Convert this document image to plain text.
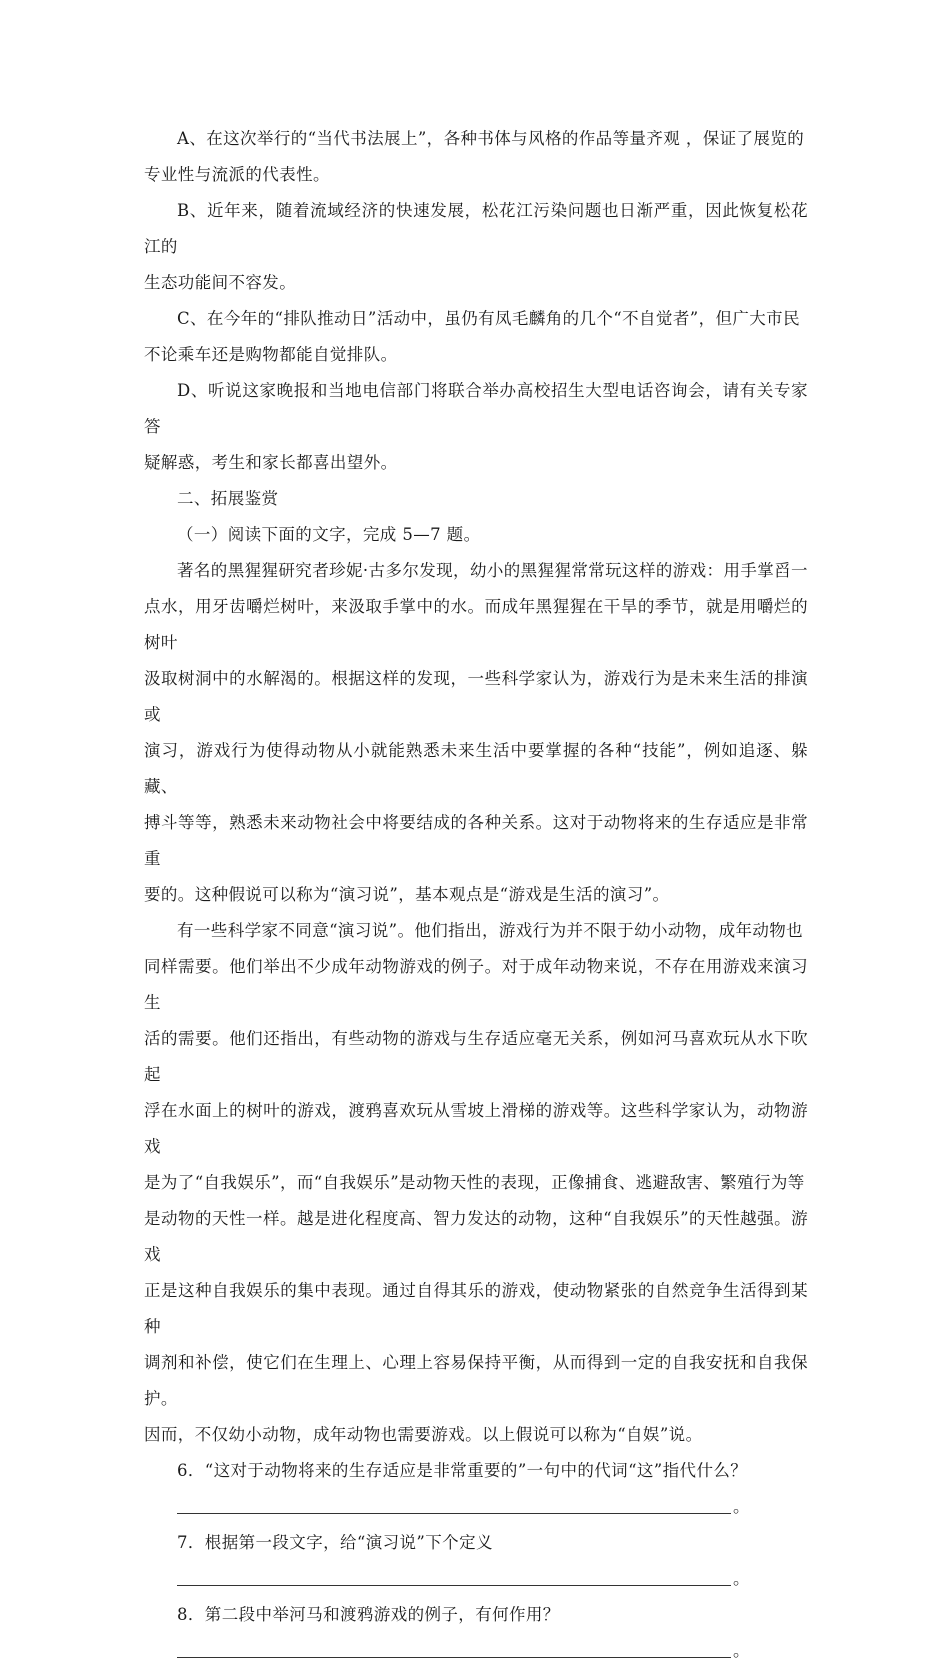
A、在这次举行的“当代书法展上”，各种书体与风格的作品等量齐观 ，保证了展览的

专业性与流派的代表性。

B、近年来，随着流域经济的快速发展，松花江污染问题也日渐严重，因此恢复松花江的

生态功能间不容发。

C、在今年的“排队推动日”活动中，虽仍有凤毛麟角的几个“不自觉者”，但广大市民

不论乘车还是购物都能自觉排队。

D、听说这家晚报和当地电信部门将联合举办高校招生大型电话咨询会，请有关专家答

疑解惑，考生和家长都喜出望外。

二、拓展鉴赏

（一）阅读下面的文字，完成 5—7 题。

著名的黑猩猩研究者珍妮·古多尔发现，幼小的黑猩猩常常玩这样的游戏：用手掌舀一

点水，用牙齿嚼烂树叶，来汲取手掌中的水。而成年黑猩猩在干旱的季节，就是用嚼烂的树叶

汲取树洞中的水解渴的。根据这样的发现，一些科学家认为，游戏行为是未来生活的排演或

演习，游戏行为使得动物从小就能熟悉未来生活中要掌握的各种“技能”，例如追逐、躲藏、

搏斗等等，熟悉未来动物社会中将要结成的各种关系。这对于动物将来的生存适应是非常重

要的。这种假说可以称为“演习说”，基本观点是“游戏是生活的演习”。

有一些科学家不同意“演习说”。他们指出，游戏行为并不限于幼小动物，成年动物也

同样需要。他们举出不少成年动物游戏的例子。对于成年动物来说，不存在用游戏来演习生

活的需要。他们还指出，有些动物的游戏与生存适应毫无关系，例如河马喜欢玩从水下吹起

浮在水面上的树叶的游戏，渡鸦喜欢玩从雪坡上滑梯的游戏等。这些科学家认为，动物游戏

是为了“自我娱乐”，而“自我娱乐”是动物天性的表现，正像捕食、逃避敌害、繁殖行为等

是动物的天性一样。越是进化程度高、智力发达的动物，这种“自我娱乐”的天性越强。游戏

正是这种自我娱乐的集中表现。通过自得其乐的游戏，使动物紧张的自然竞争生活得到某种

调剂和补偿，使它们在生理上、心理上容易保持平衡，从而得到一定的自我安抚和自我保护。

因而，不仅幼小动物，成年动物也需要游戏。以上假说可以称为“自娱”说。

6．“这对于动物将来的生存适应是非常重要的”一句中的代词“这”指代什么？

。

7．根据第一段文字，给“演习说”下个定义

。

8．第二段中举河马和渡鸦游戏的例子，有何作用？

。
